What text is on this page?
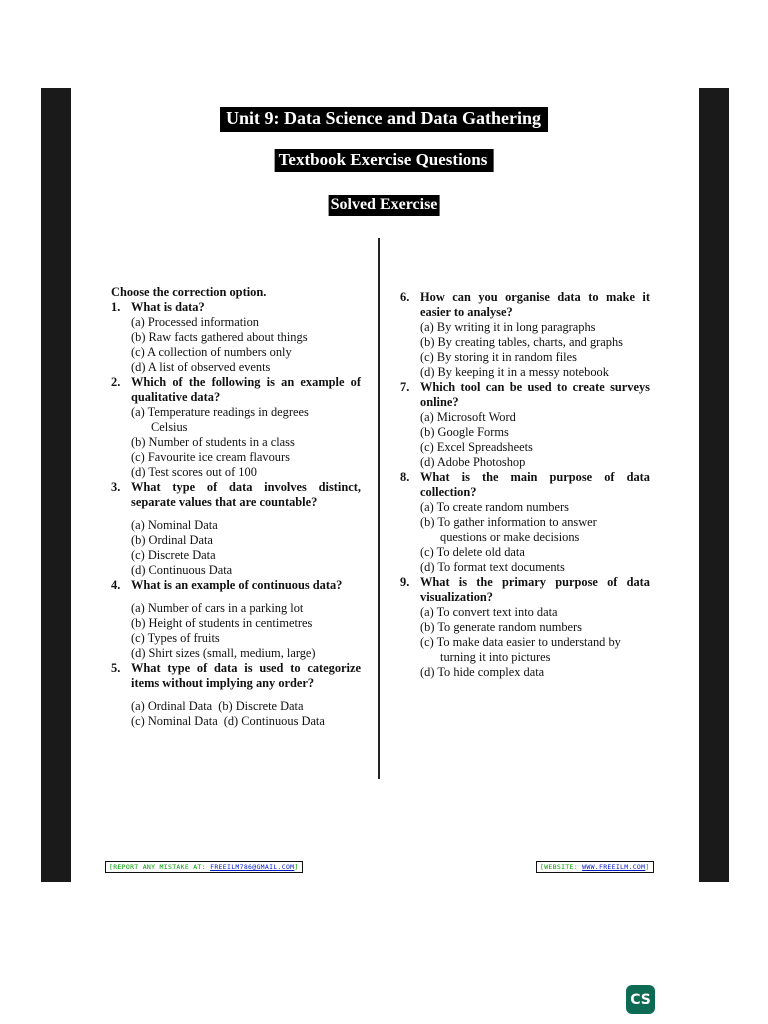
Unit 9: Data Science and Data Gathering
Textbook Exercise Questions
Solved Exercise
Choose the correction option.
1. What is data?
(a) Processed information
(b) Raw facts gathered about things
(c) A collection of numbers only
(d) A list of observed events
2. Which of the following is an example of qualitative data?
(a) Temperature readings in degrees
Celsius
(b) Number of students in a class
(c) Favourite ice cream flavours
(d) Test scores out of 100
3. What type of data involves distinct, separate values that are countable?
(a) Nominal Data
(b) Ordinal Data
(c) Discrete Data
(d) Continuous Data
4. What is an example of continuous data?
(a) Number of cars in a parking lot
(b) Height of students in centimetres
(c) Types of fruits
(d) Shirt sizes (small, medium, large)
5. What type of data is used to categorize items without implying any order?
(a) Ordinal Data (b) Discrete Data
(c) Nominal Data (d) Continuous Data
6. How can you organise data to make it easier to analyse?
(a) By writing it in long paragraphs
(b) By creating tables, charts, and graphs
(c) By storing it in random files
(d) By keeping it in a messy notebook
7. Which tool can be used to create surveys online?
(a) Microsoft Word
(b) Google Forms
(c) Excel Spreadsheets
(d) Adobe Photoshop
8. What is the main purpose of data collection?
(a) To create random numbers
(b) To gather information to answer
questions or make decisions
(c) To delete old data
(d) To format text documents
9. What is the primary purpose of data visualization?
(a) To convert text into data
(b) To generate random numbers
(c) To make data easier to understand by
turning it into pictures
(d) To hide complex data
[REPORT ANY MISTAKE AT: FREEILM786@GMAIL.COM]	[WEBSITE: WWW.FREEILM.COM]
CS
